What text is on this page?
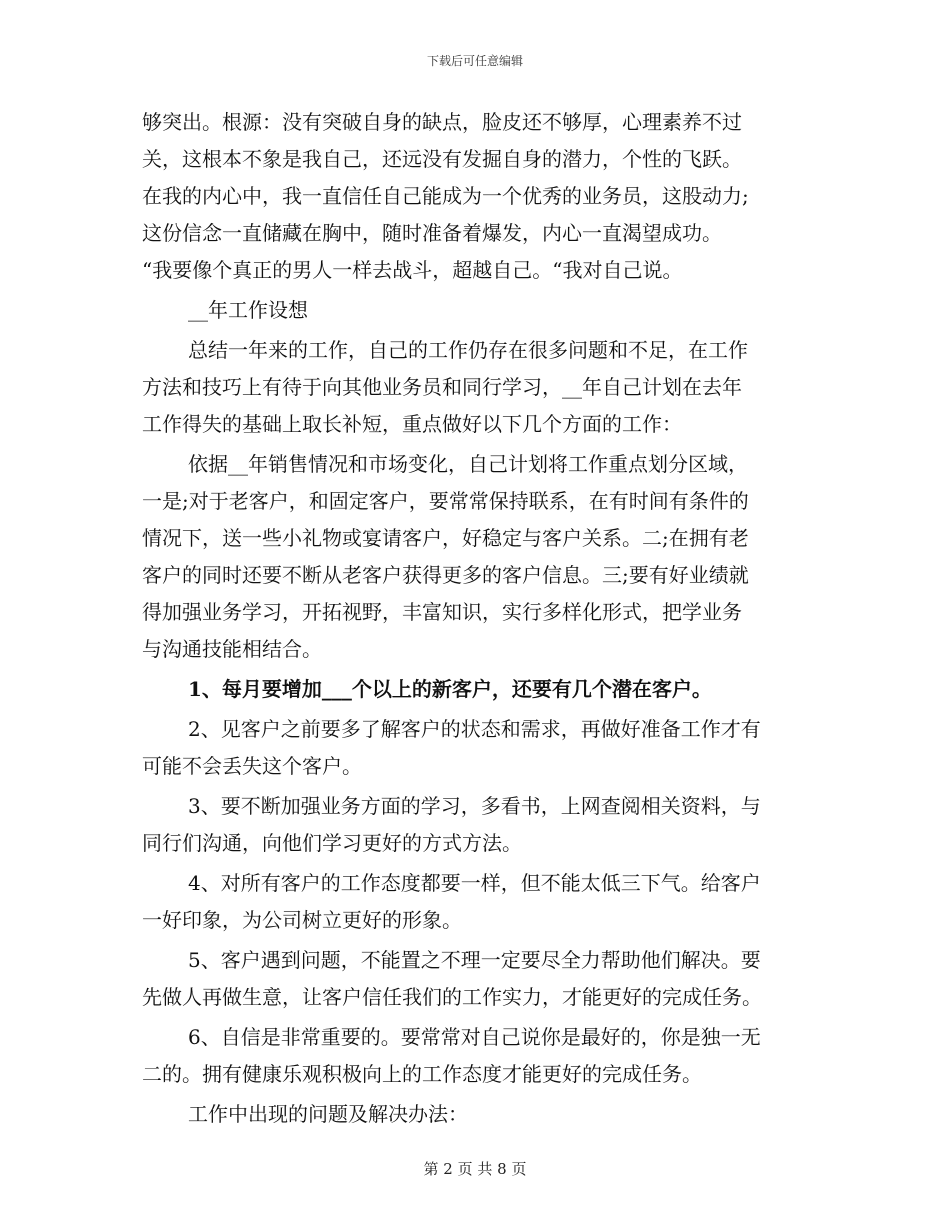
下载后可任意编辑
够突出。根源：没有突破自身的缺点，脸皮还不够厚，心理素养不过
关，这根本不象是我自己，还远没有发掘自身的潜力，个性的飞跃。
在我的内心中，我一直信任自己能成为一个优秀的业务员，这股动力;
这份信念一直储藏在胸中，随时准备着爆发，内心一直渴望成功。
“我要像个真正的男人一样去战斗，超越自己。“我对自己说。
__年工作设想
总结一年来的工作，自己的工作仍存在很多问题和不足，在工作
方法和技巧上有待于向其他业务员和同行学习，__年自己计划在去年
工作得失的基础上取长补短，重点做好以下几个方面的工作：
依据__年销售情况和市场变化，自己计划将工作重点划分区域，
一是;对于老客户，和固定客户，要常常保持联系，在有时间有条件的
情况下，送一些小礼物或宴请客户，好稳定与客户关系。二;在拥有老
客户的同时还要不断从老客户获得更多的客户信息。三;要有好业绩就
得加强业务学习，开拓视野，丰富知识，实行多样化形式，把学业务
与沟通技能相结合。
1、每月要增加___个以上的新客户，还要有几个潜在客户。
2、见客户之前要多了解客户的状态和需求，再做好准备工作才有
可能不会丢失这个客户。
3、要不断加强业务方面的学习，多看书，上网查阅相关资料，与
同行们沟通，向他们学习更好的方式方法。
4、对所有客户的工作态度都要一样，但不能太低三下气。给客户
一好印象，为公司树立更好的形象。
5、客户遇到问题，不能置之不理一定要尽全力帮助他们解决。要
先做人再做生意，让客户信任我们的工作实力，才能更好的完成任务。
6、自信是非常重要的。要常常对自己说你是最好的，你是独一无
二的。拥有健康乐观积极向上的工作态度才能更好的完成任务。
工作中出现的问题及解决办法：
第 2 页 共 8 页
